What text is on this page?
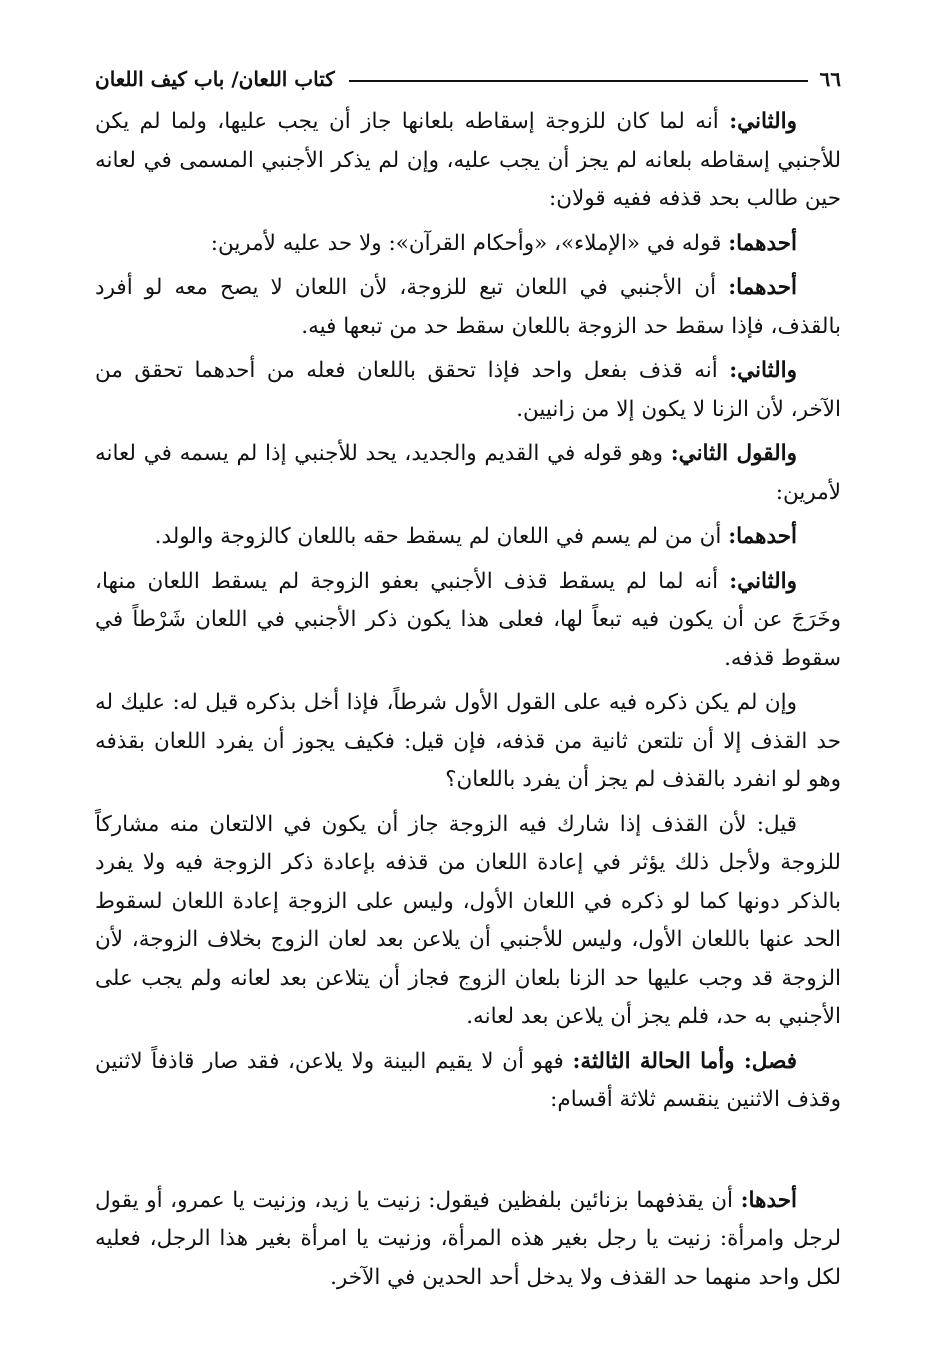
٦٦
كتاب اللعان/ باب كيف اللعان

والثاني: أنه لما كان للزوجة إسقاطه بلعانها جاز أن يجب عليها، ولما لم يكن للأجنبي إسقاطه بلعانه لم يجز أن يجب عليه، وإن لم يذكر الأجنبي المسمى في لعانه حين طالب بحد قذفه ففيه قولان:

أحدهما: قوله في «الإملاء»، «وأحكام القرآن»: ولا حد عليه لأمرين:

أحدهما: أن الأجنبي في اللعان تبع للزوجة، لأن اللعان لا يصح معه لو أفرد بالقذف، فإذا سقط حد الزوجة باللعان سقط حد من تبعها فيه.

والثاني: أنه قذف بفعل واحد فإذا تحقق باللعان فعله من أحدهما تحقق من الآخر، لأن الزنا لا يكون إلا من زانيين.

والقول الثاني: وهو قوله في القديم والجديد، يحد للأجنبي إذا لم يسمه في لعانه لأمرين:

أحدهما: أن من لم يسم في اللعان لم يسقط حقه باللعان كالزوجة والولد.

والثاني: أنه لما لم يسقط قذف الأجنبي بعفو الزوجة لم يسقط اللعان منها، وخَرَجَ عن أن يكون فيه تبعاً لها، فعلى هذا يكون ذكر الأجنبي في اللعان شَرْطاً في سقوط قذفه.

وإن لم يكن ذكره فيه على القول الأول شرطاً، فإذا أخل بذكره قيل له: عليك له حد القذف إلا أن تلتعن ثانية من قذفه، فإن قيل: فكيف يجوز أن يفرد اللعان بقذفه وهو لو انفرد بالقذف لم يجز أن يفرد باللعان؟

قيل: لأن القذف إذا شارك فيه الزوجة جاز أن يكون في الالتعان منه مشاركاً للزوجة ولأجل ذلك يؤثر في إعادة اللعان من قذفه بإعادة ذكر الزوجة فيه ولا يفرد بالذكر دونها كما لو ذكره في اللعان الأول، وليس على الزوجة إعادة اللعان لسقوط الحد عنها باللعان الأول، وليس للأجنبي أن يلاعن بعد لعان الزوج بخلاف الزوجة، لأن الزوجة قد وجب عليها حد الزنا بلعان الزوج فجاز أن يتلاعن بعد لعانه ولم يجب على الأجنبي به حد، فلم يجز أن يلاعن بعد لعانه.

فصل: وأما الحالة الثالثة: فهو أن لا يقيم البينة ولا يلاعن، فقد صار قاذفاً لاثنين وقذف الاثنين ينقسم ثلاثة أقسام:

أحدها: أن يقذفهما بزنائين بلفظين فيقول: زنيت يا زيد، وزنيت يا عمرو، أو يقول لرجل وامرأة: زنيت يا رجل بغير هذه المرأة، وزنيت يا امرأة بغير هذا الرجل، فعليه لكل واحد منهما حد القذف ولا يدخل أحد الحدين في الآخر.
